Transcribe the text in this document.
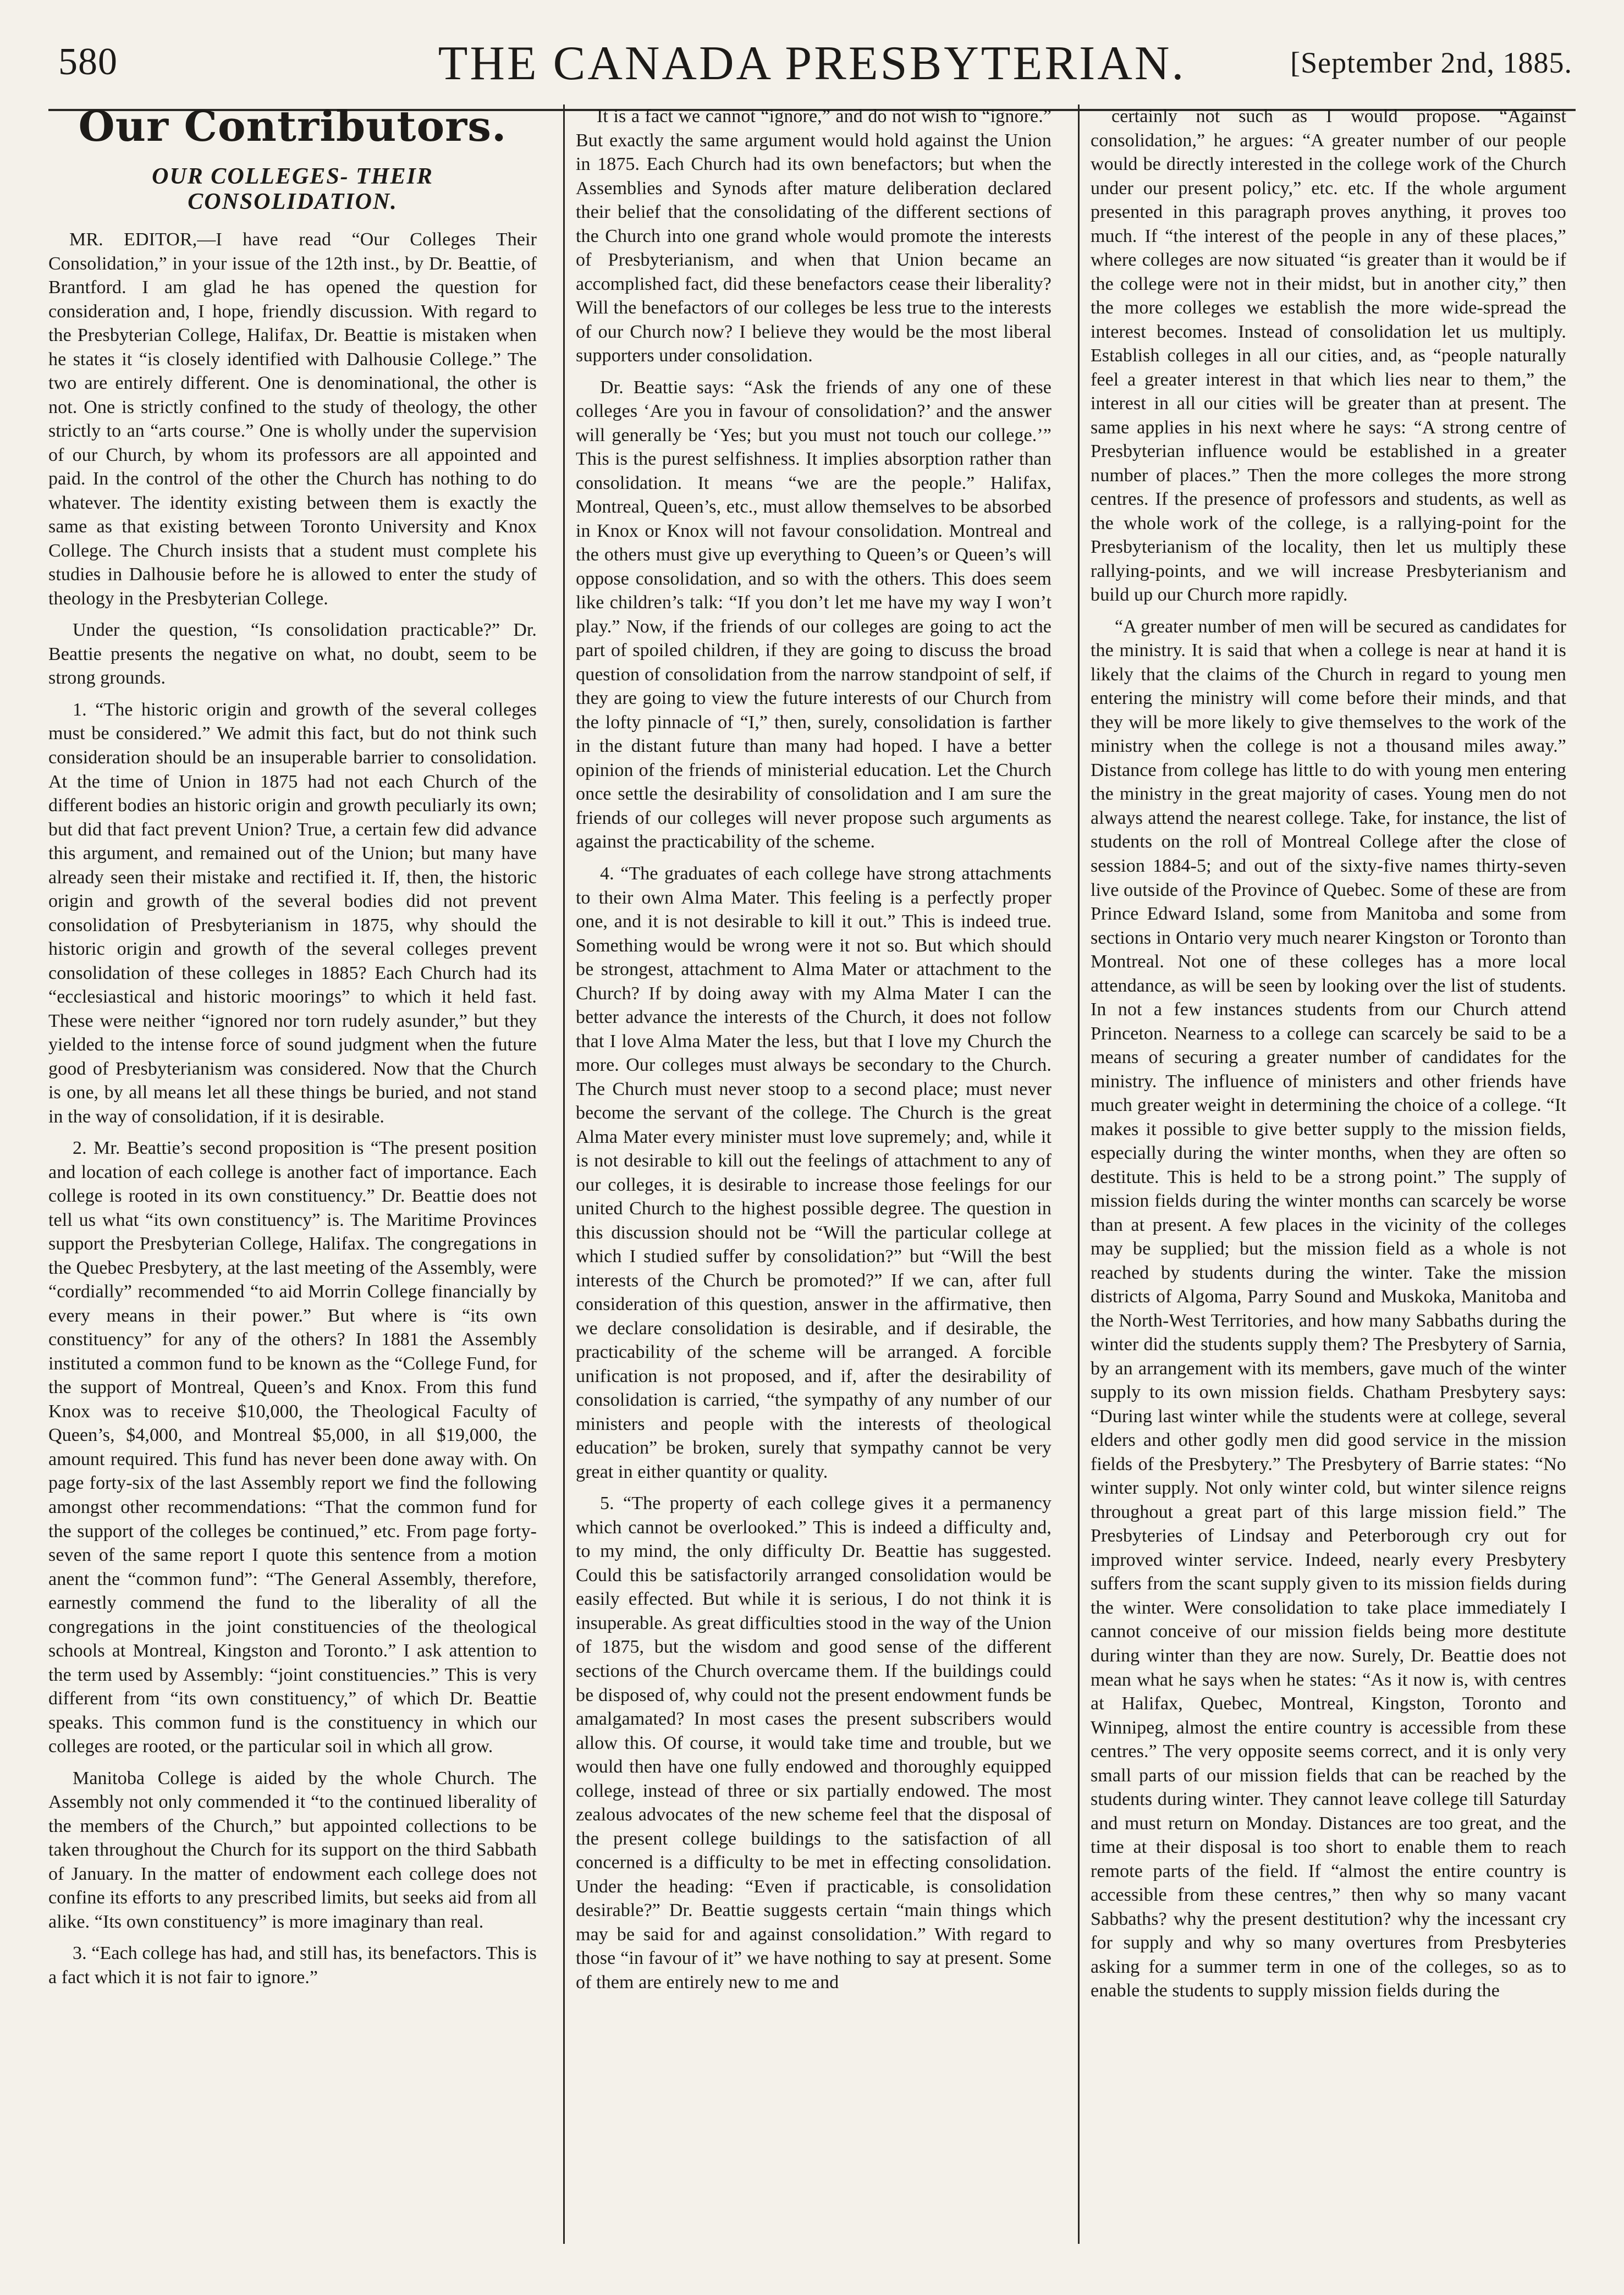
580	THE CANADA PRESBYTERIAN.	[September 2nd, 1885.
Our Contributors.
OUR COLLEGES- THEIR CONSOLIDATION.

MR. EDITOR,—I have read “Our Colleges Their Consolidation,” in your issue of the 12th inst., by Dr. Beattie, of Brantford. I am glad he has opened the question for consideration and, I hope, friendly discussion. With regard to the Presbyterian College, Halifax, Dr. Beattie is mistaken when he states it “is closely identified with Dalhousie College.” The two are entirely different. One is denominational, the other is not. One is strictly confined to the study of theology, the other strictly to an “arts course.” One is wholly under the supervision of our Church, by whom its professors are all appointed and paid. In the control of the other the Church has nothing to do whatever. The identity existing between them is exactly the same as that existing between Toronto University and Knox College. The Church insists that a student must complete his studies in Dalhousie before he is allowed to enter the study of theology in the Presbyterian College.

Under the question, “Is consolidation practicable?” Dr. Beattie presents the negative on what, no doubt, seem to be strong grounds.

1. “The historic origin and growth of the several colleges must be considered.” We admit this fact, but do not think such consideration should be an insuperable barrier to consolidation. At the time of Union in 1875 had not each Church of the different bodies an historic origin and growth peculiarly its own; but did that fact prevent Union? True, a certain few did advance this argument, and remained out of the Union; but many have already seen their mistake and rectified it. If, then, the historic origin and growth of the several bodies did not prevent consolidation of Presbyterianism in 1875, why should the historic origin and growth of the several colleges prevent consolidation of these colleges in 1885? Each Church had its “ecclesiastical and historic moorings” to which it held fast. These were neither “ignored nor torn rudely asunder,” but they yielded to the intense force of sound judgment when the future good of Presbyterianism was considered. Now that the Church is one, by all means let all these things be buried, and not stand in the way of consolidation, if it is desirable.

2. Mr. Beattie’s second proposition is “The present position and location of each college is another fact of importance. Each college is rooted in its own constituency.” Dr. Beattie does not tell us what “its own constituency” is. The Maritime Provinces support the Presbyterian College, Halifax. The congregations in the Quebec Presbytery, at the last meeting of the Assembly, were “cordially” recommended “to aid Morrin College financially by every means in their power.” But where is “its own constituency” for any of the others? In 1881 the Assembly instituted a common fund to be known as the “College Fund, for the support of Montreal, Queen’s and Knox. From this fund Knox was to receive $10,000, the Theological Faculty of Queen’s, $4,000, and Montreal $5,000, in all $19,000, the amount required. This fund has never been done away with. On page forty-six of the last Assembly report we find the following amongst other recommendations: “That the common fund for the support of the colleges be continued,” etc. From page forty-seven of the same report I quote this sentence from a motion anent the “common fund”: “The General Assembly, therefore, earnestly commend the fund to the liberality of all the congregations in the joint constituencies of the theological schools at Montreal, Kingston and Toronto.” I ask attention to the term used by Assembly: “joint constituencies.” This is very different from “its own constituency,” of which Dr. Beattie speaks. This common fund is the constituency in which our colleges are rooted, or the particular soil in which all grow.

Manitoba College is aided by the whole Church. The Assembly not only commended it “to the continued liberality of the members of the Church,” but appointed collections to be taken throughout the Church for its support on the third Sabbath of January. In the matter of endowment each college does not confine its efforts to any prescribed limits, but seeks aid from all alike. “Its own constituency” is more imaginary than real.

3. “Each college has had, and still has, its benefactors. This is a fact which it is not fair to ignore.”

It is a fact we cannot “ignore,” and do not wish to “ignore.” But exactly the same argument would hold against the Union in 1875. Each Church had its own benefactors; but when the Assemblies and Synods after mature deliberation declared their belief that the consolidating of the different sections of the Church into one grand whole would promote the interests of Presbyterianism, and when that Union became an accomplished fact, did these benefactors cease their liberality? Will the benefactors of our colleges be less true to the interests of our Church now? I believe they would be the most liberal supporters under consolidation.

Dr. Beattie says: “Ask the friends of any one of these colleges ‘Are you in favour of consolidation?’ and the answer will generally be ‘Yes; but you must not touch our college.’” This is the purest selfishness. It implies absorption rather than consolidation. It means “we are the people.” Halifax, Montreal, Queen’s, etc., must allow themselves to be absorbed in Knox or Knox will not favour consolidation. Montreal and the others must give up everything to Queen’s or Queen’s will oppose consolidation, and so with the others. This does seem like children’s talk: “If you don’t let me have my way I won’t play.” Now, if the friends of our colleges are going to act the part of spoiled children, if they are going to discuss the broad question of consolidation from the narrow standpoint of self, if they are going to view the future interests of our Church from the lofty pinnacle of “I,” then, surely, consolidation is farther in the distant future than many had hoped. I have a better opinion of the friends of ministerial education. Let the Church once settle the desirability of consolidation and I am sure the friends of our colleges will never propose such arguments as against the practicability of the scheme.

4. “The graduates of each college have strong attachments to their own Alma Mater. This feeling is a perfectly proper one, and it is not desirable to kill it out.” This is indeed true. Something would be wrong were it not so. But which should be strongest, attachment to Alma Mater or attachment to the Church? If by doing away with my Alma Mater I can the better advance the interests of the Church, it does not follow that I love Alma Mater the less, but that I love my Church the more. Our colleges must always be secondary to the Church. The Church must never stoop to a second place; must never become the servant of the college. The Church is the great Alma Mater every minister must love supremely; and, while it is not desirable to kill out the feelings of attachment to any of our colleges, it is desirable to increase those feelings for our united Church to the highest possible degree. The question in this discussion should not be “Will the particular college at which I studied suffer by consolidation?” but “Will the best interests of the Church be promoted?” If we can, after full consideration of this question, answer in the affirmative, then we declare consolidation is desirable, and if desirable, the practicability of the scheme will be arranged. A forcible unification is not proposed, and if, after the desirability of consolidation is carried, “the sympathy of any number of our ministers and people with the interests of theological education” be broken, surely that sympathy cannot be very great in either quantity or quality.

5. “The property of each college gives it a permanency which cannot be overlooked.” This is indeed a difficulty and, to my mind, the only difficulty Dr. Beattie has suggested. Could this be satisfactorily arranged consolidation would be easily effected. But while it is serious, I do not think it is insuperable. As great difficulties stood in the way of the Union of 1875, but the wisdom and good sense of the different sections of the Church overcame them. If the buildings could be disposed of, why could not the present endowment funds be amalgamated? In most cases the present subscribers would allow this. Of course, it would take time and trouble, but we would then have one fully endowed and thoroughly equipped college, instead of three or six partially endowed. The most zealous advocates of the new scheme feel that the disposal of the present college buildings to the satisfaction of all concerned is a difficulty to be met in effecting consolidation. Under the heading: “Even if practicable, is consolidation desirable?” Dr. Beattie suggests certain “main things which may be said for and against consolidation.” With regard to those “in favour of it” we have nothing to say at present. Some of them are entirely new to me and

certainly not such as I would propose. “Against consolidation,” he argues: “A greater number of our people would be directly interested in the college work of the Church under our present policy,” etc. etc. If the whole argument presented in this paragraph proves anything, it proves too much. If “the interest of the people in any of these places,” where colleges are now situated “is greater than it would be if the college were not in their midst, but in another city,” then the more colleges we establish the more wide-spread the interest becomes. Instead of consolidation let us multiply. Establish colleges in all our cities, and, as “people naturally feel a greater interest in that which lies near to them,” the interest in all our cities will be greater than at present. The same applies in his next where he says: “A strong centre of Presbyterian influence would be established in a greater number of places.” Then the more colleges the more strong centres. If the presence of professors and students, as well as the whole work of the college, is a rallying-point for the Presbyterianism of the locality, then let us multiply these rallying-points, and we will increase Presbyterianism and build up our Church more rapidly.

“A greater number of men will be secured as candidates for the ministry. It is said that when a college is near at hand it is likely that the claims of the Church in regard to young men entering the ministry will come before their minds, and that they will be more likely to give themselves to the work of the ministry when the college is not a thousand miles away.” Distance from college has little to do with young men entering the ministry in the great majority of cases. Young men do not always attend the nearest college. Take, for instance, the list of students on the roll of Montreal College after the close of session 1884-5; and out of the sixty-five names thirty-seven live outside of the Province of Quebec. Some of these are from Prince Edward Island, some from Manitoba and some from sections in Ontario very much nearer Kingston or Toronto than Montreal. Not one of these colleges has a more local attendance, as will be seen by looking over the list of students. In not a few instances students from our Church attend Princeton. Nearness to a college can scarcely be said to be a means of securing a greater number of candidates for the ministry. The influence of ministers and other friends have much greater weight in determining the choice of a college. “It makes it possible to give better supply to the mission fields, especially during the winter months, when they are often so destitute. This is held to be a strong point.” The supply of mission fields during the winter months can scarcely be worse than at present. A few places in the vicinity of the colleges may be supplied; but the mission field as a whole is not reached by students during the winter. Take the mission districts of Algoma, Parry Sound and Muskoka, Manitoba and the North-West Territories, and how many Sabbaths during the winter did the students supply them? The Presbytery of Sarnia, by an arrangement with its members, gave much of the winter supply to its own mission fields. Chatham Presbytery says: “During last winter while the students were at college, several elders and other godly men did good service in the mission fields of the Presbytery.” The Presbytery of Barrie states: “No winter supply. Not only winter cold, but winter silence reigns throughout a great part of this large mission field.” The Presbyteries of Lindsay and Peterborough cry out for improved winter service. Indeed, nearly every Presbytery suffers from the scant supply given to its mission fields during the winter. Were consolidation to take place immediately I cannot conceive of our mission fields being more destitute during winter than they are now. Surely, Dr. Beattie does not mean what he says when he states: “As it now is, with centres at Halifax, Quebec, Montreal, Kingston, Toronto and Winnipeg, almost the entire country is accessible from these centres.” The very opposite seems correct, and it is only very small parts of our mission fields that can be reached by the students during winter. They cannot leave college till Saturday and must return on Monday. Distances are too great, and the time at their disposal is too short to enable them to reach remote parts of the field. If “almost the entire country is accessible from these centres,” then why so many vacant Sabbaths? why the present destitution? why the incessant cry for supply and why so many overtures from Presbyteries asking for a summer term in one of the colleges, so as to enable the students to supply mission fields during the
